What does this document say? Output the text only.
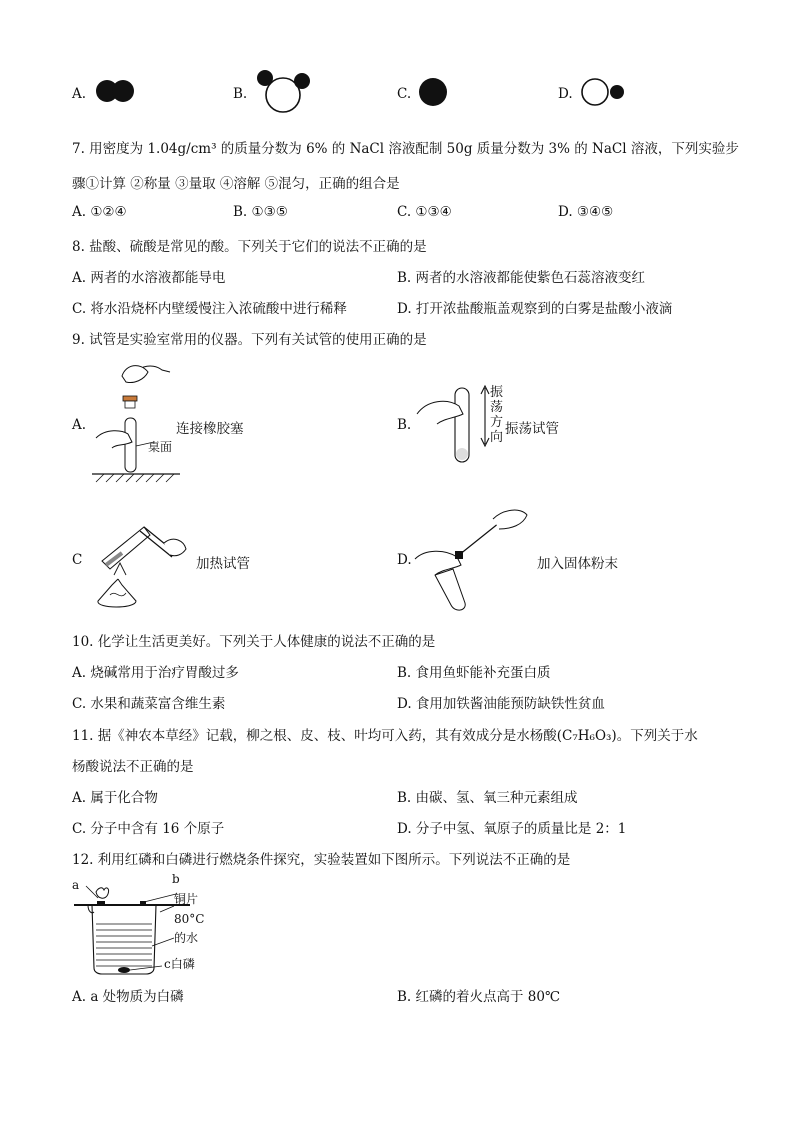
A.	B.	C.	D.
7. 用密度为 1.04g/cm³ 的质量分数为 6% 的 NaCl 溶液配制 50g 质量分数为 3% 的 NaCl 溶液，下列实验步
骤①计算 ②称量 ③量取 ④溶解 ⑤混匀，正确的组合是
A. ①②④	B. ①③⑤	C. ①③④	D. ③④⑤
8. 盐酸、硫酸是常见的酸。下列关于它们的说法不正确的是
A. 两者的水溶液都能导电	B. 两者的水溶液都能使紫色石蕊溶液变红
C. 将水沿烧杯内壁缓慢注入浓硫酸中进行稀释	D. 打开浓盐酸瓶盖观察到的白雾是盐酸小液滴
9. 试管是实验室常用的仪器。下列有关试管的使用正确的是
A.
桌面
连接橡胶塞	B.
振
荡
方
向
振荡试管
C	加热试管	D.	加入固体粉末
10. 化学让生活更美好。下列关于人体健康的说法不正确的是
A. 烧碱常用于治疗胃酸过多	B. 食用鱼虾能补充蛋白质
C. 水果和蔬菜富含维生素	D. 食用加铁酱油能预防缺铁性贫血
11. 据《神农本草经》记载，柳之根、皮、枝、叶均可入药，其有效成分是水杨酸(C₇H₆O₃)。下列关于水
杨酸说法不正确的是
A. 属于化合物	B. 由碳、氢、氧三种元素组成
C. 分子中含有 16 个原子	D. 分子中氢、氧原子的质量比是 2：1
12. 利用红磷和白磷进行燃烧条件探究，实验装置如下图所示。下列说法不正确的是
a	b
铜片
80°C
的水
c白磷
A. a 处物质为白磷	B. 红磷的着火点高于 80℃
